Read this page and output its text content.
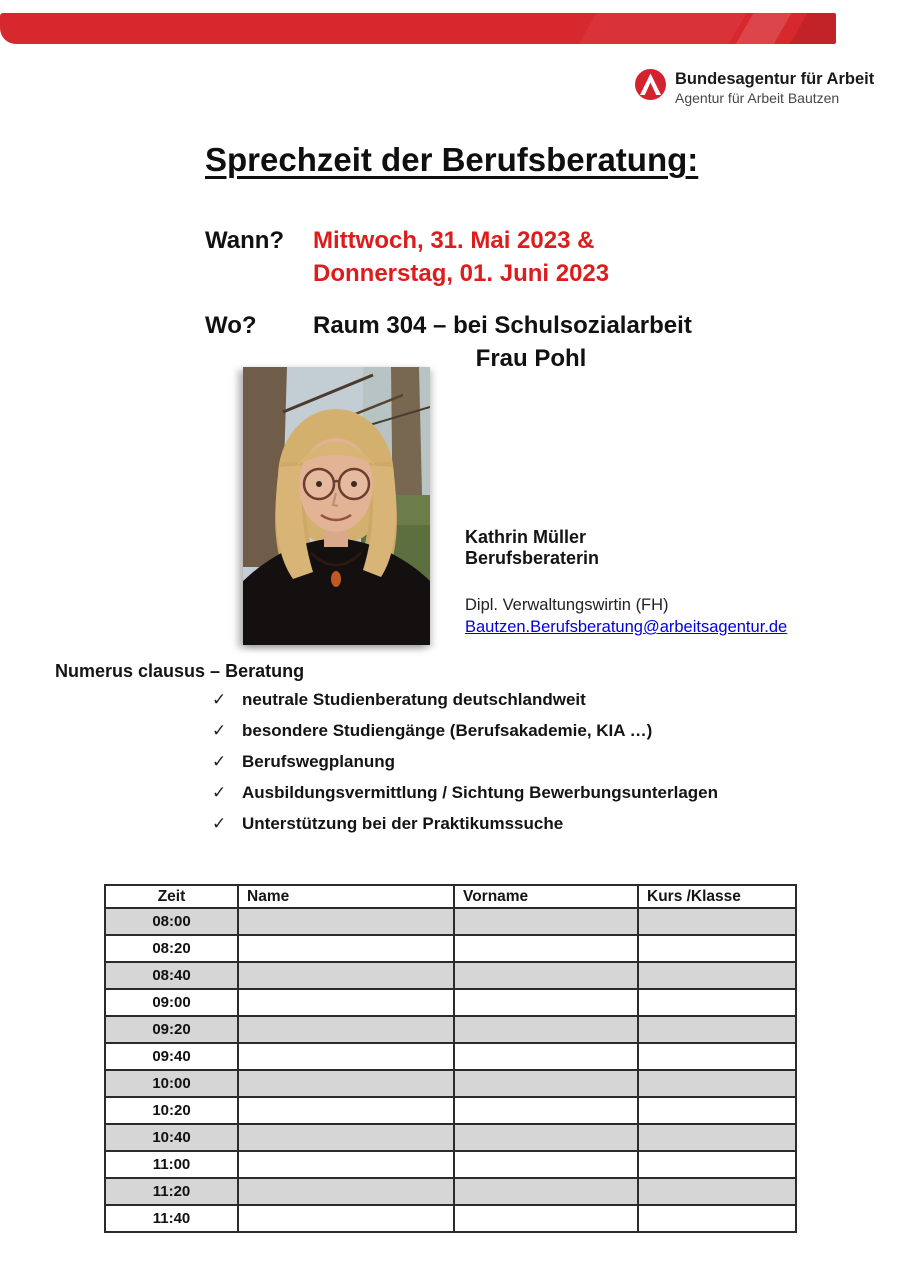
Bundesagentur für Arbeit
Agentur für Arbeit Bautzen
Sprechzeit der Berufsberatung:
Wann?	Mittwoch, 31. Mai 2023 &
Donnerstag, 01. Juni 2023
Wo?	Raum 304 – bei Schulsozialarbeit
Frau Pohl
Kathrin Müller
Berufsberaterin
Dipl. Verwaltungswirtin (FH)
Bautzen.Berufsberatung@arbeitsagentur.de
Numerus clausus – Beratung
✓ neutrale Studienberatung deutschlandweit
✓ besondere Studiengänge (Berufsakademie, KIA …)
✓ Berufswegplanung
✓ Ausbildungsvermittlung / Sichtung Bewerbungsunterlagen
✓ Unterstützung bei der Praktikumssuche
Zeit	Name	Vorname	Kurs /Klasse
08:00			
08:20			
08:40			
09:00			
09:20			
09:40			
10:00			
10:20			
10:40			
11:00			
11:20			
11:40			
